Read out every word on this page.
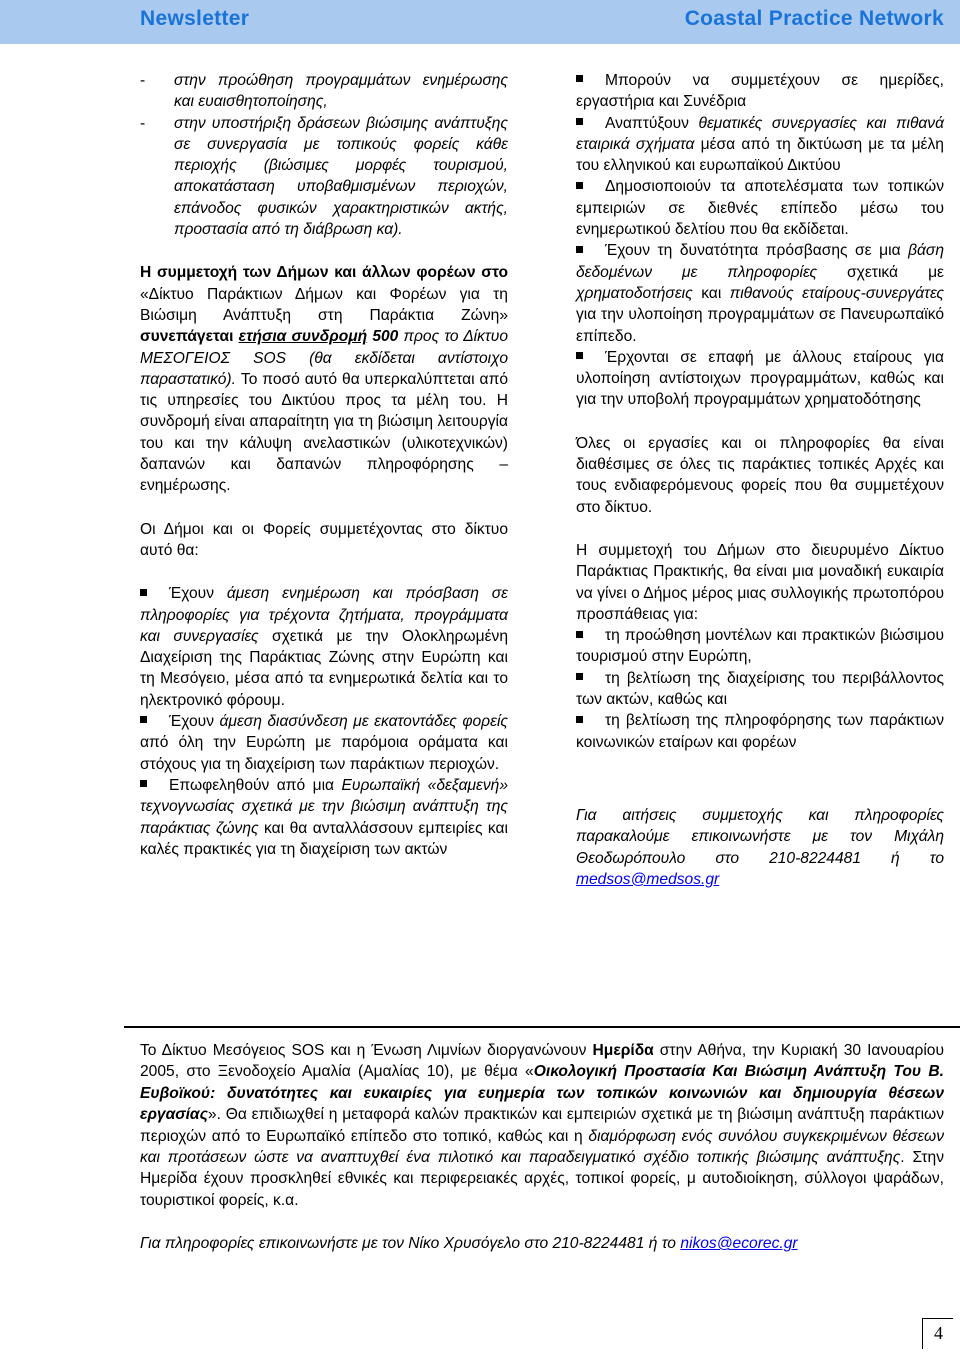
Newsletter	Coastal Practice Network

- στην προώθηση προγραμμάτων ενημέρωσης και ευαισθητοποίησης,

- στην υποστήριξη δράσεων βιώσιμης ανάπτυξης σε συνεργασία με τοπικούς φορείς κάθε περιοχής (βιώσιμες μορφές τουρισμού, αποκατάσταση υποβαθμισμένων περιοχών, επάνοδος φυσικών χαρακτηριστικών ακτής, προστασία από τη διάβρωση κα).

Η συμμετοχή των Δήμων και άλλων φορέων στο «Δίκτυο Παράκτιων Δήμων και Φορέων για τη Βιώσιμη Ανάπτυξη στη Παράκτια Ζώνη» συνεπάγεται ετήσια συνδρομή 500 προς το Δίκτυο ΜΕΣΟΓΕΙΟΣ SOS (θα εκδίδεται αντίστοιχο παραστατικό). Το ποσό αυτό θα υπερκαλύπτεται από τις υπηρεσίες του Δικτύου προς τα μέλη του. Η συνδρομή είναι απαραίτητη για τη βιώσιμη λειτουργία του και την κάλυψη ανελαστικών (υλικοτεχνικών) δαπανών και δαπανών πληροφόρησης – ενημέρωσης.

Οι Δήμοι και οι Φορείς συμμετέχοντας στο δίκτυο αυτό θα:

Έχουν άμεση ενημέρωση και πρόσβαση σε πληροφορίες για τρέχοντα ζητήματα, προγράμματα και συνεργασίες σχετικά με την Ολοκληρωμένη Διαχείριση της Παράκτιας Ζώνης στην Ευρώπη και τη Μεσόγειο, μέσα από τα ενημερωτικά δελτία και το ηλεκτρονικό φόρουμ.

Έχουν άμεση διασύνδεση με εκατοντάδες φορείς από όλη την Ευρώπη με παρόμοια οράματα και στόχους για τη διαχείριση των παράκτιων περιοχών.

Επωφεληθούν από μια Ευρωπαϊκή «δεξαμενή» τεχνογνωσίας σχετικά με την βιώσιμη ανάπτυξη της παράκτιας ζώνης και θα ανταλλάσσουν εμπειρίες και καλές πρακτικές για τη διαχείριση των ακτών

Μπορούν να συμμετέχουν σε ημερίδες, εργαστήρια και Συνέδρια

Αναπτύξουν θεματικές συνεργασίες και πιθανά εταιρικά σχήματα μέσα από τη δικτύωση με τα μέλη του ελληνικού και ευρωπαϊκού Δικτύου

Δημοσιοποιούν τα αποτελέσματα των τοπικών εμπειριών σε διεθνές επίπεδο μέσω του ενημερωτικού δελτίου που θα εκδίδεται.

Έχουν τη δυνατότητα πρόσβασης σε μια βάση δεδομένων με πληροφορίες σχετικά με χρηματοδοτήσεις και πιθανούς εταίρους-συνεργάτες για την υλοποίηση προγραμμάτων σε Πανευρωπαϊκό επίπεδο.

Έρχονται σε επαφή με άλλους εταίρους για υλοποίηση αντίστοιχων προγραμμάτων, καθώς και για την υποβολή προγραμμάτων χρηματοδότησης

Όλες οι εργασίες και οι πληροφορίες θα είναι διαθέσιμες σε όλες τις παράκτιες τοπικές Αρχές και τους ενδιαφερόμενους φορείς που θα συμμετέχουν στο δίκτυο.

Η συμμετοχή του Δήμων στο διευρυμένο Δίκτυο Παράκτιας Πρακτικής, θα είναι μια μοναδική ευκαιρία να γίνει ο Δήμος μέρος μιας συλλογικής πρωτοπόρου προσπάθειας για:

τη προώθηση μοντέλων και πρακτικών βιώσιμου τουρισμού στην Ευρώπη,

τη βελτίωση της διαχείρισης του περιβάλλοντος των ακτών, καθώς και

τη βελτίωση της πληροφόρησης των παράκτιων κοινωνικών εταίρων και φορέων

Για αιτήσεις συμμετοχής και πληροφορίες παρακαλούμε επικοινωνήστε με τον Μιχάλη Θεοδωρόπουλο στο 210-8224481 ή το medsos@medsos.gr

Το Δίκτυο Μεσόγειος SOS και η Ένωση Λιμνίων διοργανώνουν Ημερίδα στην Αθήνα, την Κυριακή 30 Ιανουαρίου 2005, στο Ξενοδοχείο Αμαλία (Αμαλίας 10), με θέμα «Οικολογική Προστασία Και Βιώσιμη Ανάπτυξη Του Β. Ευβοϊκού: δυνατότητες και ευκαιρίες για ευημερία των τοπικών κοινωνιών και δημιουργία θέσεων εργασίας». Θα επιδιωχθεί η μεταφορά καλών πρακτικών και εμπειριών σχετικά με τη βιώσιμη ανάπτυξη παράκτιων περιοχών από το Ευρωπαϊκό επίπεδο στο τοπικό, καθώς και η διαμόρφωση ενός συνόλου συγκεκριμένων θέσεων και προτάσεων ώστε να αναπτυχθεί ένα πιλοτικό και παραδειγματικό σχέδιο τοπικής βιώσιμης ανάπτυξης. Στην Ημερίδα έχουν προσκληθεί εθνικές και περιφερειακές αρχές, τοπικοί φορείς, μ αυτοδιοίκηση, σύλλογοι ψαράδων, τουριστικοί φορείς, κ.α.

Για πληροφορίες επικοινωνήστε με τον Νίκο Χρυσόγελο στο 210-8224481 ή το nikos@ecorec.gr

4
